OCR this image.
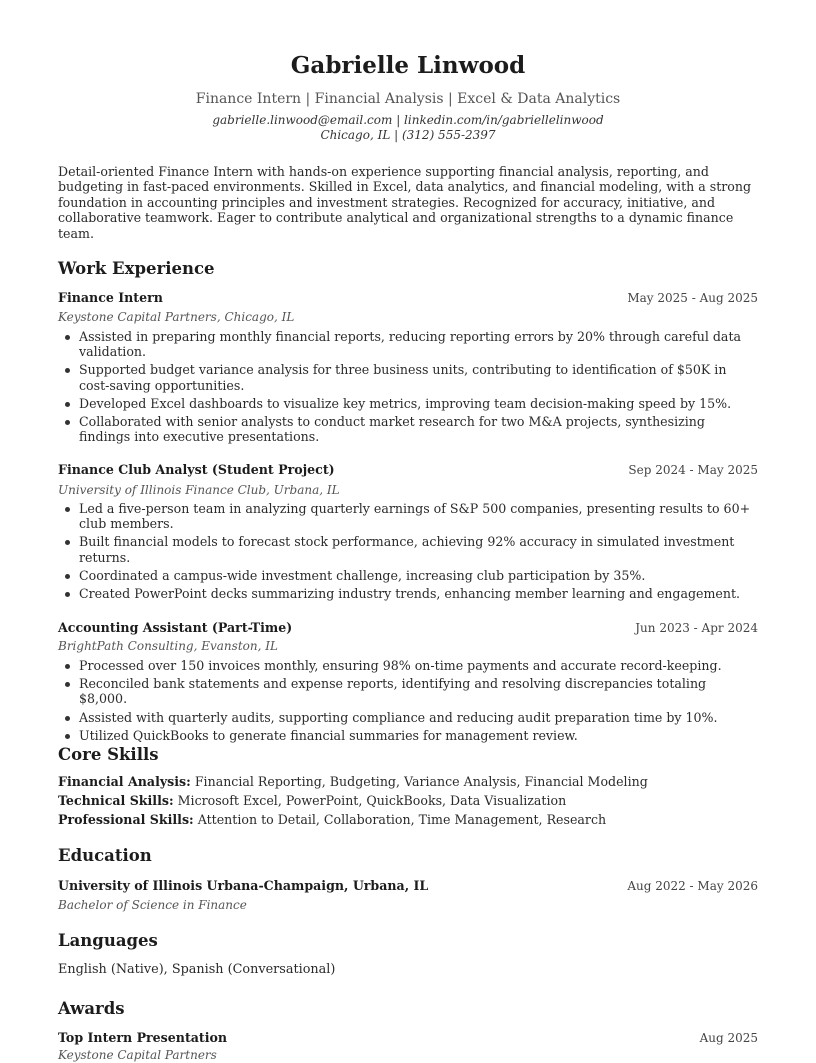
Gabrielle Linwood
Finance Intern | Financial Analysis | Excel & Data Analytics
gabrielle.linwood@email.com | linkedin.com/in/gabriellelinwood
Chicago, IL | (312) 555-2397

Detail-oriented Finance Intern with hands-on experience supporting financial analysis, reporting, and budgeting in fast-paced environments. Skilled in Excel, data analytics, and financial modeling, with a strong foundation in accounting principles and investment strategies. Recognized for accuracy, initiative, and collaborative teamwork. Eager to contribute analytical and organizational strengths to a dynamic finance team.

Work Experience
Finance Intern	May 2025 - Aug 2025
Keystone Capital Partners, Chicago, IL
Assisted in preparing monthly financial reports, reducing reporting errors by 20% through careful data validation.
Supported budget variance analysis for three business units, contributing to identification of $50K in cost-saving opportunities.
Developed Excel dashboards to visualize key metrics, improving team decision-making speed by 15%.
Collaborated with senior analysts to conduct market research for two M&A projects, synthesizing findings into executive presentations.
Finance Club Analyst (Student Project)	Sep 2024 - May 2025
University of Illinois Finance Club, Urbana, IL
Led a five-person team in analyzing quarterly earnings of S&P 500 companies, presenting results to 60+ club members.
Built financial models to forecast stock performance, achieving 92% accuracy in simulated investment returns.
Coordinated a campus-wide investment challenge, increasing club participation by 35%.
Created PowerPoint decks summarizing industry trends, enhancing member learning and engagement.
Accounting Assistant (Part-Time)	Jun 2023 - Apr 2024
BrightPath Consulting, Evanston, IL
Processed over 150 invoices monthly, ensuring 98% on-time payments and accurate record-keeping.
Reconciled bank statements and expense reports, identifying and resolving discrepancies totaling $8,000.
Assisted with quarterly audits, supporting compliance and reducing audit preparation time by 10%.
Utilized QuickBooks to generate financial summaries for management review.
Core Skills
Financial Analysis: Financial Reporting, Budgeting, Variance Analysis, Financial Modeling
Technical Skills: Microsoft Excel, PowerPoint, QuickBooks, Data Visualization
Professional Skills: Attention to Detail, Collaboration, Time Management, Research
Education
University of Illinois Urbana-Champaign, Urbana, IL	Aug 2022 - May 2026
Bachelor of Science in Finance
Languages
English (Native), Spanish (Conversational)
Awards
Top Intern Presentation	Aug 2025
Keystone Capital Partners
